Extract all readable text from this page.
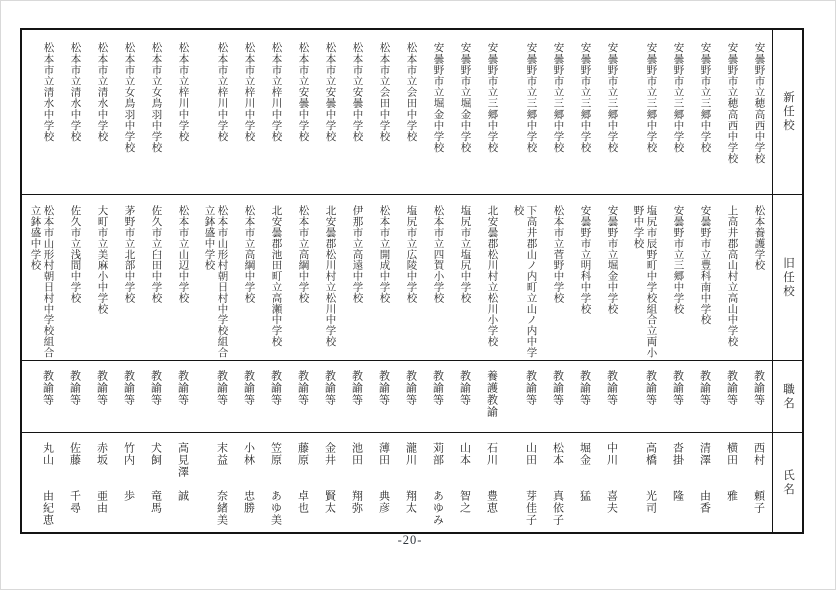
新任校
安曇野市立穂高西中学校
安曇野市立穂高西中学校
安曇野市立三郷中学校
安曇野市立三郷中学校
安曇野市立三郷中学校
安曇野市立三郷中学校
安曇野市立三郷中学校
安曇野市立三郷中学校
安曇野市立三郷中学校
安曇野市立三郷中学校
安曇野市立堀金中学校
安曇野市立堀金中学校
松本市立会田中学校
松本市立会田中学校
松本市立安曇中学校
松本市立安曇中学校
松本市立安曇中学校
松本市立梓川中学校
松本市立梓川中学校
松本市立梓川中学校
松本市立梓川中学校
松本市立女鳥羽中学校
松本市立女鳥羽中学校
松本市立清水中学校
松本市立清水中学校
松本市立清水中学校
旧任校
松本養護学校
上高井郡高山村立高山中学校
安曇野市立豊科南中学校
安曇野市立三郷中学校
塩尻市辰野町中学校組合立両小野中学校
安曇野市立堀金中学校
安曇野市立明科中学校
松本市立菅野中学校
下高井郡山ノ内町立山ノ内中学校
北安曇郡松川村立松川小学校
塩尻市立塩尻中学校
松本市立四賀小学校
塩尻市立広陵中学校
松本市立開成中学校
伊那市立高遠中学校
北安曇郡松川村立松川中学校
松本市立高綱中学校
北安曇郡池田町立高瀬中学校
松本市立高綱中学校
松本市山形村朝日村中学校組合立鉢盛中学校
松本市立山辺中学校
佐久市立臼田中学校
茅野市立北部中学校
大町市立美麻小中学校
佐久市立浅間中学校
松本市山形村朝日村中学校組合立鉢盛中学校
職名
教諭等
教諭等
教諭等
教諭等
教諭等
教諭等
教諭等
教諭等
教諭等
養護教諭
教諭等
教諭等
教諭等
教諭等
教諭等
教諭等
教諭等
教諭等
教諭等
教諭等
教諭等
教諭等
教諭等
教諭等
教諭等
教諭等
氏名
西村　　頼子
横田　　雅
清澤　　由香
沓掛　　隆
高橋　　光司
中川　　喜夫
堀金　　猛
松本　　真依子
山田　　芽佳子
石川　　豊恵
山本　　智之
苅部　　あゆみ
瀧川　　翔太
薄田　　典彦
池田　　翔弥
金井　　賢太
藤原　　卓也
笠原　　あゆ美
小林　　忠勝
末益　　奈緒美
高見澤　誠
犬飼　　竜馬
竹内　　歩
赤坂　　亜由
佐藤　　千尋
丸山　　由紀恵
-20-
